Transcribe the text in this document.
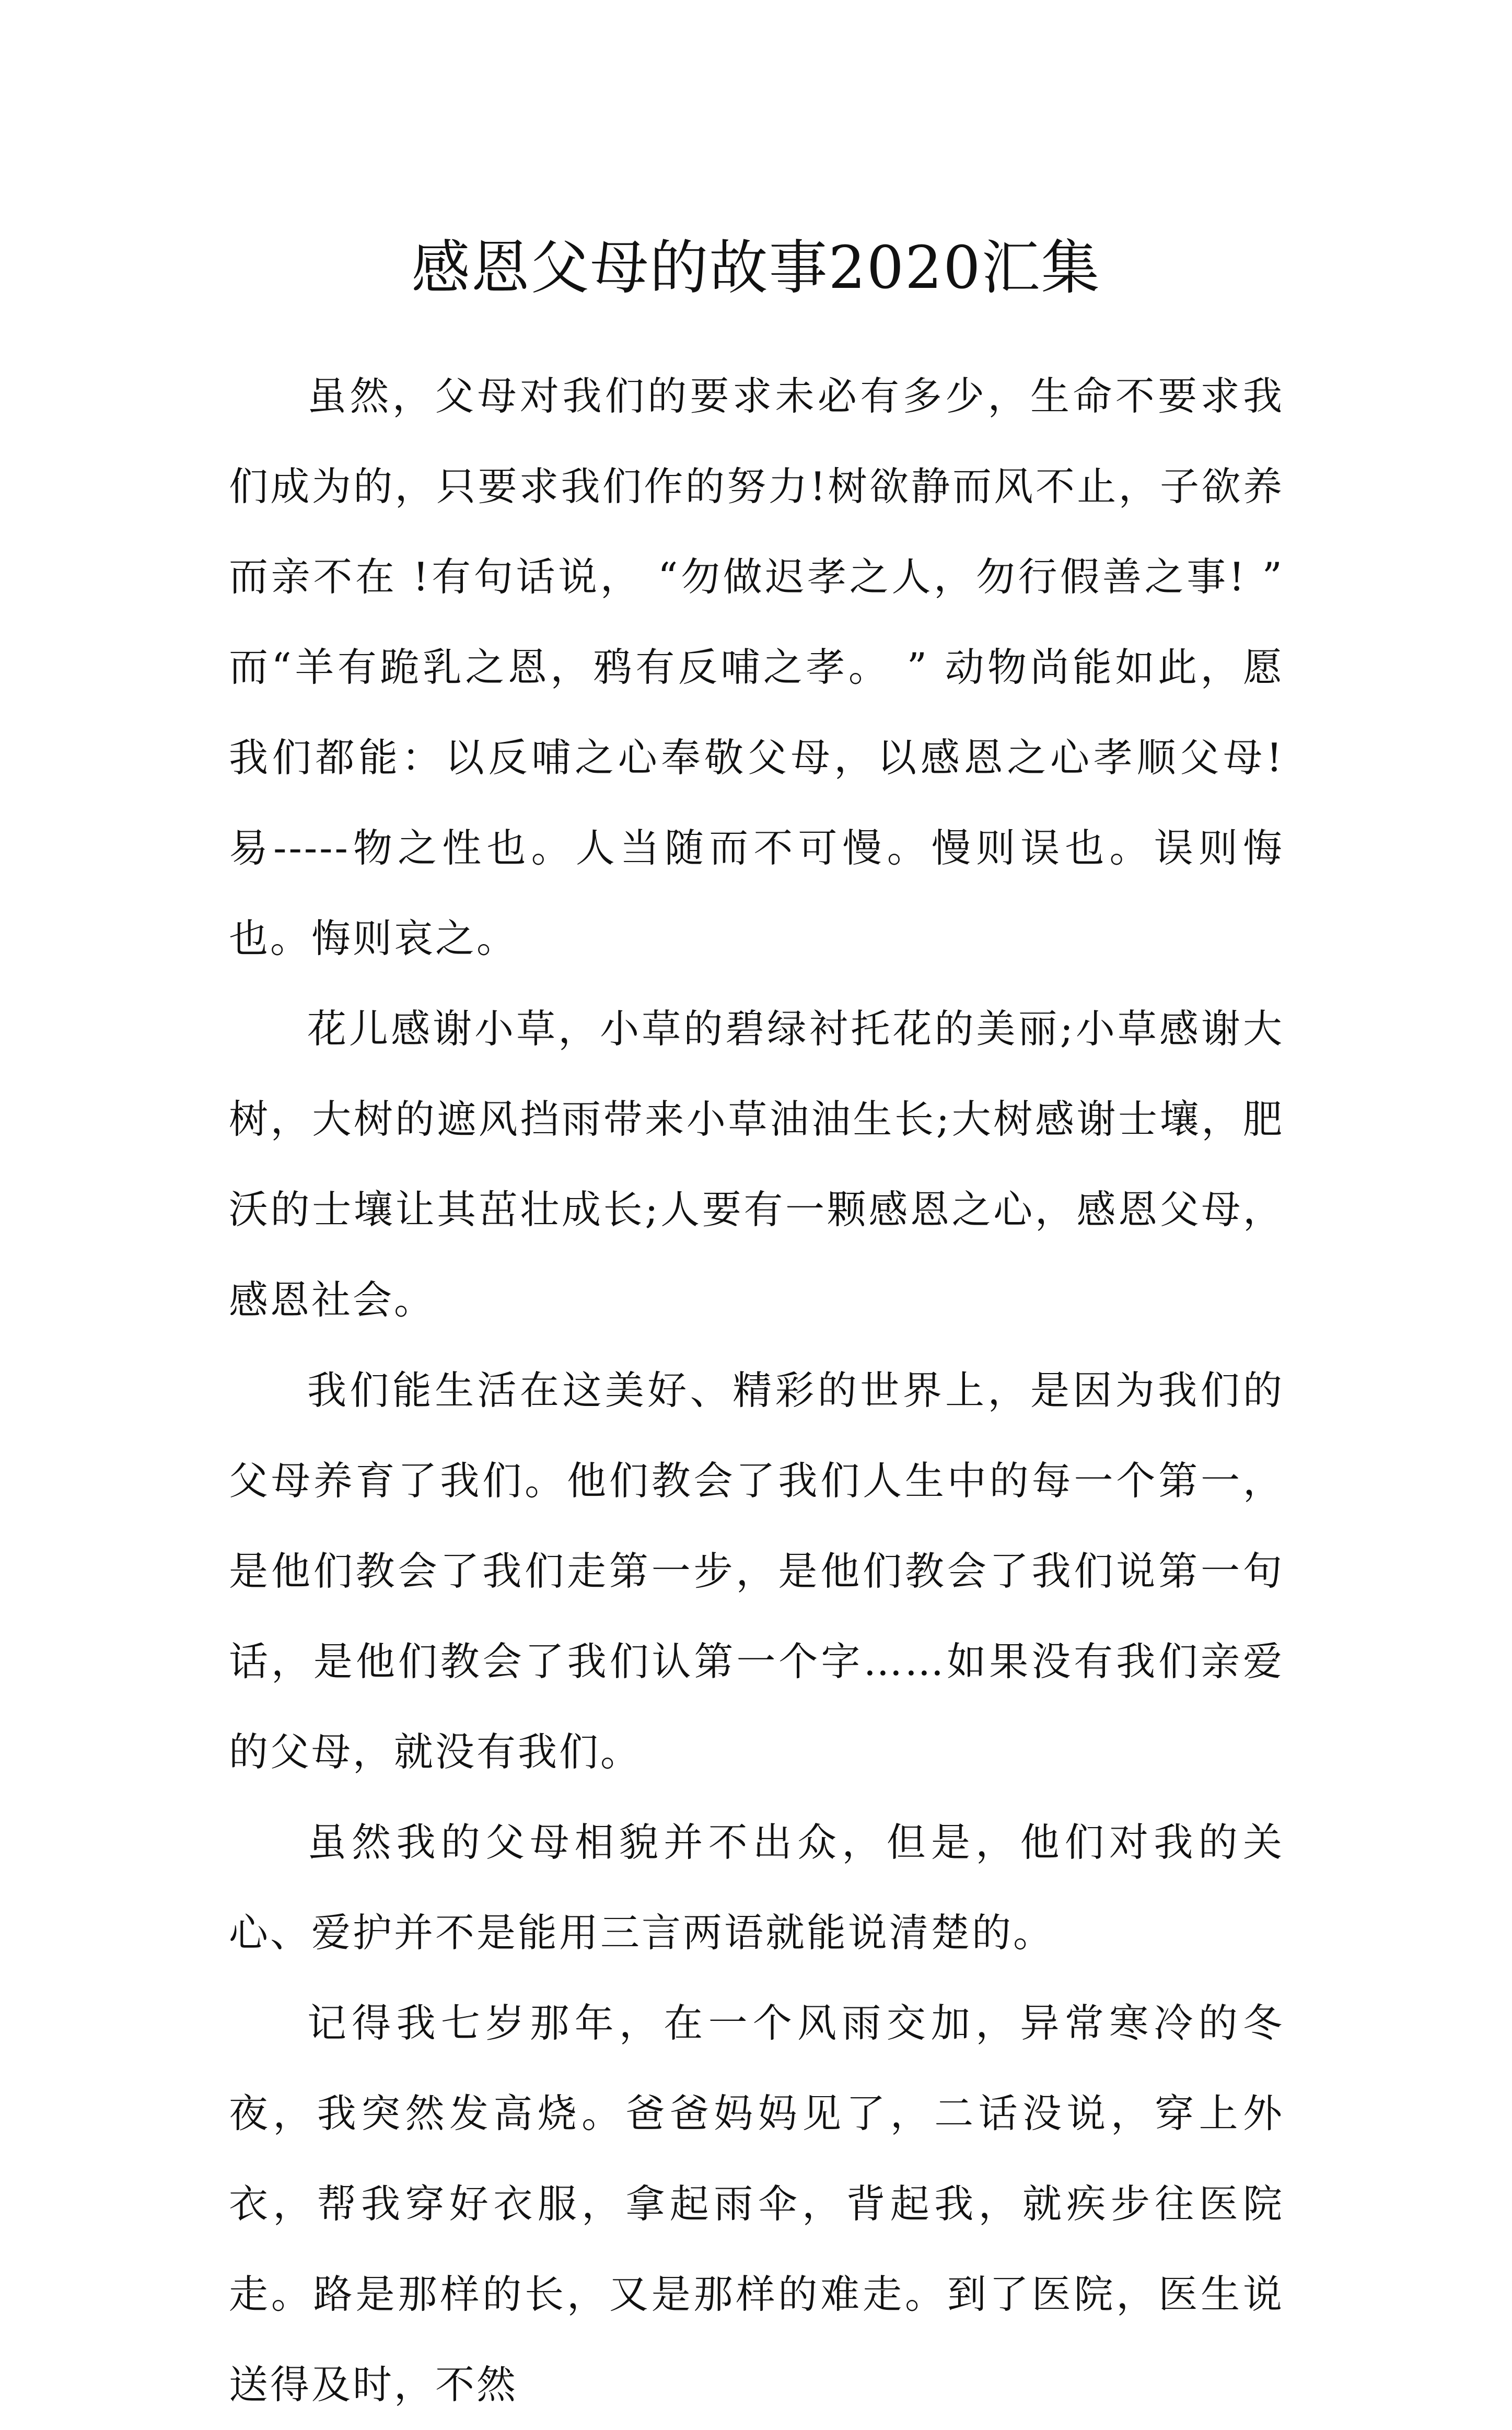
感恩父母的故事2020汇集

虽然，父母对我们的要求未必有多少，生命不要求我们成为的，只要求我们作的努力!树欲静而风不止，子欲养而亲不在 !有句话说， “勿做迟孝之人，勿行假善之事! ” 而“羊有跪乳之恩，鸦有反哺之孝。 ” 动物尚能如此，愿我们都能：以反哺之心奉敬父母，以感恩之心孝顺父母!易-----物之性也。人当随而不可慢。慢则误也。误则悔也。悔则哀之。

花儿感谢小草，小草的碧绿衬托花的美丽;小草感谢大树，大树的遮风挡雨带来小草油油生长;大树感谢士壤，肥沃的士壤让其茁壮成长;人要有一颗感恩之心，感恩父母，感恩社会。

我们能生活在这美好、精彩的世界上，是因为我们的父母养育了我们。他们教会了我们人生中的每一个第一，是他们教会了我们走第一步，是他们教会了我们说第一句话，是他们教会了我们认第一个字……如果没有我们亲爱的父母，就没有我们。

虽然我的父母相貌并不出众，但是，他们对我的关心、爱护并不是能用三言两语就能说清楚的。

记得我七岁那年，在一个风雨交加，异常寒冷的冬夜，我突然发高烧。爸爸妈妈见了，二话没说，穿上外衣，帮我穿好衣服，拿起雨伞，背起我，就疾步往医院走。路是那样的长，又是那样的难走。到了医院，医生说送得及时，不然
